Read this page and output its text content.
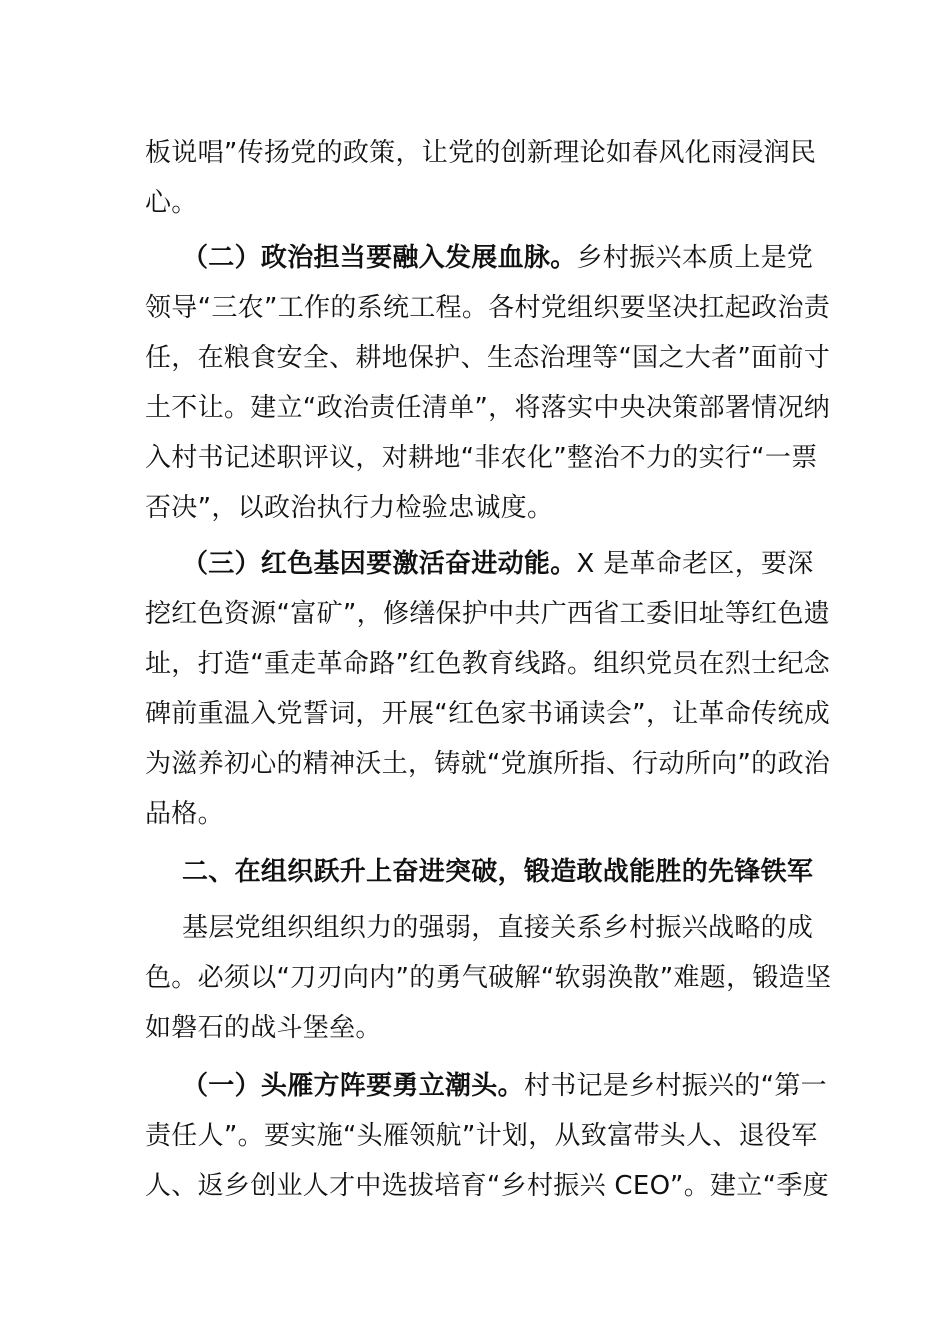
板说唱”传扬党的政策，让党的创新理论如春风化雨浸润民

心。

（二）政治担当要融入发展血脉。乡村振兴本质上是党

领导“三农”工作的系统工程。各村党组织要坚决扛起政治责

任，在粮食安全、耕地保护、生态治理等“国之大者”面前寸

土不让。建立“政治责任清单”，将落实中央决策部署情况纳

入村书记述职评议，对耕地“非农化”整治不力的实行“一票

否决”，以政治执行力检验忠诚度。

（三）红色基因要激活奋进动能。X 是革命老区，要深

挖红色资源“富矿”，修缮保护中共广西省工委旧址等红色遗

址，打造“重走革命路”红色教育线路。组织党员在烈士纪念

碑前重温入党誓词，开展“红色家书诵读会”，让革命传统成

为滋养初心的精神沃土，铸就“党旗所指、行动所向”的政治

品格。

二、在组织跃升上奋进突破，锻造敢战能胜的先锋铁军

基层党组织组织力的强弱，直接关系乡村振兴战略的成

色。必须以“刀刃向内”的勇气破解“软弱涣散”难题，锻造坚

如磐石的战斗堡垒。

（一）头雁方阵要勇立潮头。村书记是乡村振兴的“第一

责任人”。要实施“头雁领航”计划，从致富带头人、退役军

人、返乡创业人才中选拔培育“乡村振兴 CEO”。建立“季度
